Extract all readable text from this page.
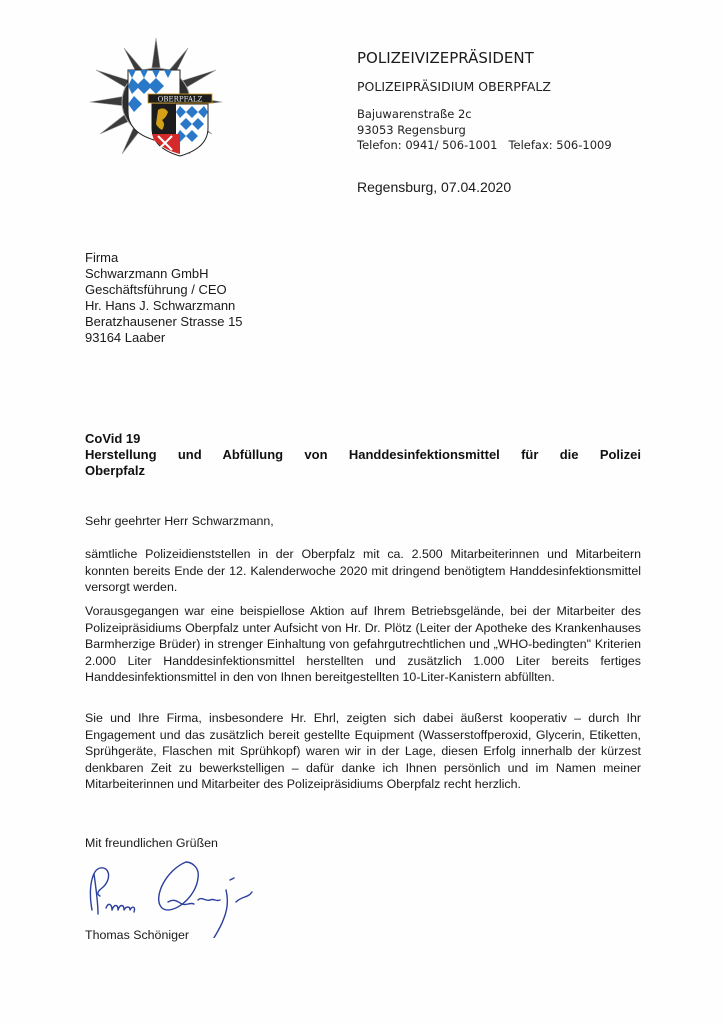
OBERPFALZ
POLIZEIVIZEPRÄSIDENT
POLIZEIPRÄSIDIUM OBERPFALZ
Bajuwarenstraße 2c
93053 Regensburg
Telefon: 0941/ 506-1001   Telefax: 506-1009
Regensburg, 07.04.2020
Firma
Schwarzmann GmbH
Geschäftsführung / CEO
Hr. Hans J. Schwarzmann
Beratzhausener Strasse 15
93164 Laaber
CoVid 19
Herstellung und Abfüllung von Handdesinfektionsmittel für die Polizei
Oberpfalz

Sehr geehrter Herr Schwarzmann,

sämtliche Polizeidienststellen in der Oberpfalz mit ca. 2.500 Mitarbeiterinnen und Mitarbeitern konnten bereits Ende der 12. Kalenderwoche 2020 mit dringend benötigtem Handdesinfektionsmittel versorgt werden.

Vorausgegangen war eine beispiellose Aktion auf Ihrem Betriebsgelände, bei der Mitarbeiter des Polizeipräsidiums Oberpfalz unter Aufsicht von Hr. Dr. Plötz (Leiter der Apotheke des Krankenhauses Barmherzige Brüder) in strenger Einhaltung von gefahrgutrechtlichen und „WHO-bedingten" Kriterien 2.000 Liter Handdesinfektionsmittel herstellten und zusätzlich 1.000 Liter bereits fertiges Handdesinfektionsmittel in den von Ihnen bereitgestellten 10-Liter-Kanistern abfüllten.

Sie und Ihre Firma, insbesondere Hr. Ehrl, zeigten sich dabei äußerst kooperativ – durch Ihr Engagement und das zusätzlich bereit gestellte Equipment (Wasserstoffperoxid, Glycerin, Etiketten, Sprühgeräte, Flaschen mit Sprühkopf) waren wir in der Lage, diesen Erfolg innerhalb der kürzest denkbaren Zeit zu bewerkstelligen – dafür danke ich Ihnen persönlich und im Namen meiner Mitarbeiterinnen und Mitarbeiter des Polizeipräsidiums Oberpfalz recht herzlich.

Mit freundlichen Grüßen
Thomas Schöniger
